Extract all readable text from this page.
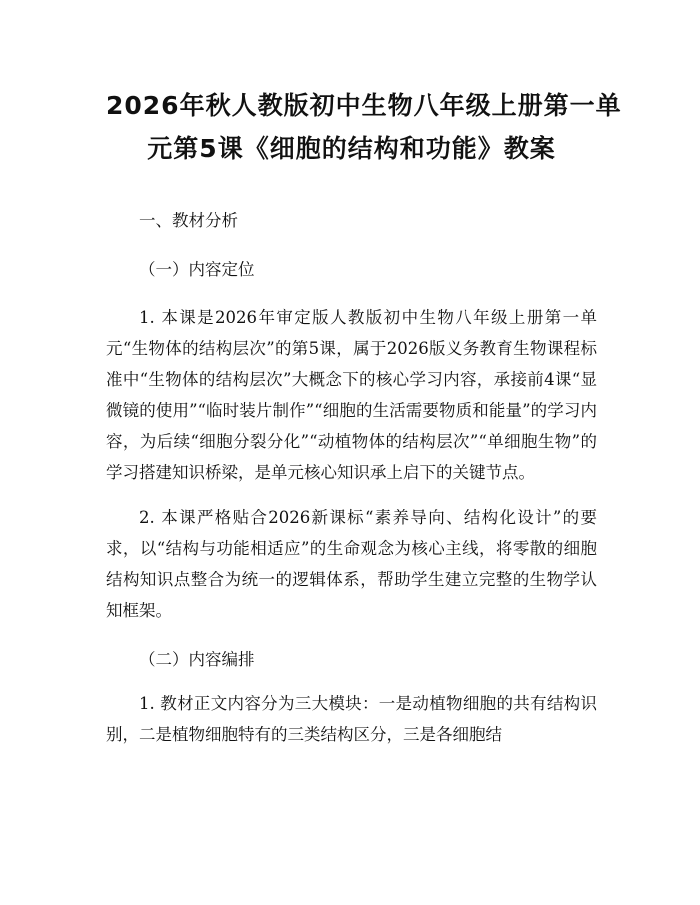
2026年秋人教版初中生物八年级上册第一单
元第5课《细胞的结构和功能》教案

一、教材分析

（一）内容定位

1. 本课是2026年审定版人教版初中生物八年级上册第一单元“生物体的结构层次”的第5课，属于2026版义务教育生物课程标准中“生物体的结构层次”大概念下的核心学习内容，承接前4课“显微镜的使用”“临时装片制作”“细胞的生活需要物质和能量”的学习内容，为后续“细胞分裂分化”“动植物体的结构层次”“单细胞生物”的学习搭建知识桥梁，是单元核心知识承上启下的关键节点。

2. 本课严格贴合2026新课标“素养导向、结构化设计”的要求，以“结构与功能相适应”的生命观念为核心主线，将零散的细胞结构知识点整合为统一的逻辑体系，帮助学生建立完整的生物学认知框架。

（二）内容编排

1. 教材正文内容分为三大模块：一是动植物细胞的共有结构识别，二是植物细胞特有的三类结构区分，三是各细胞结
